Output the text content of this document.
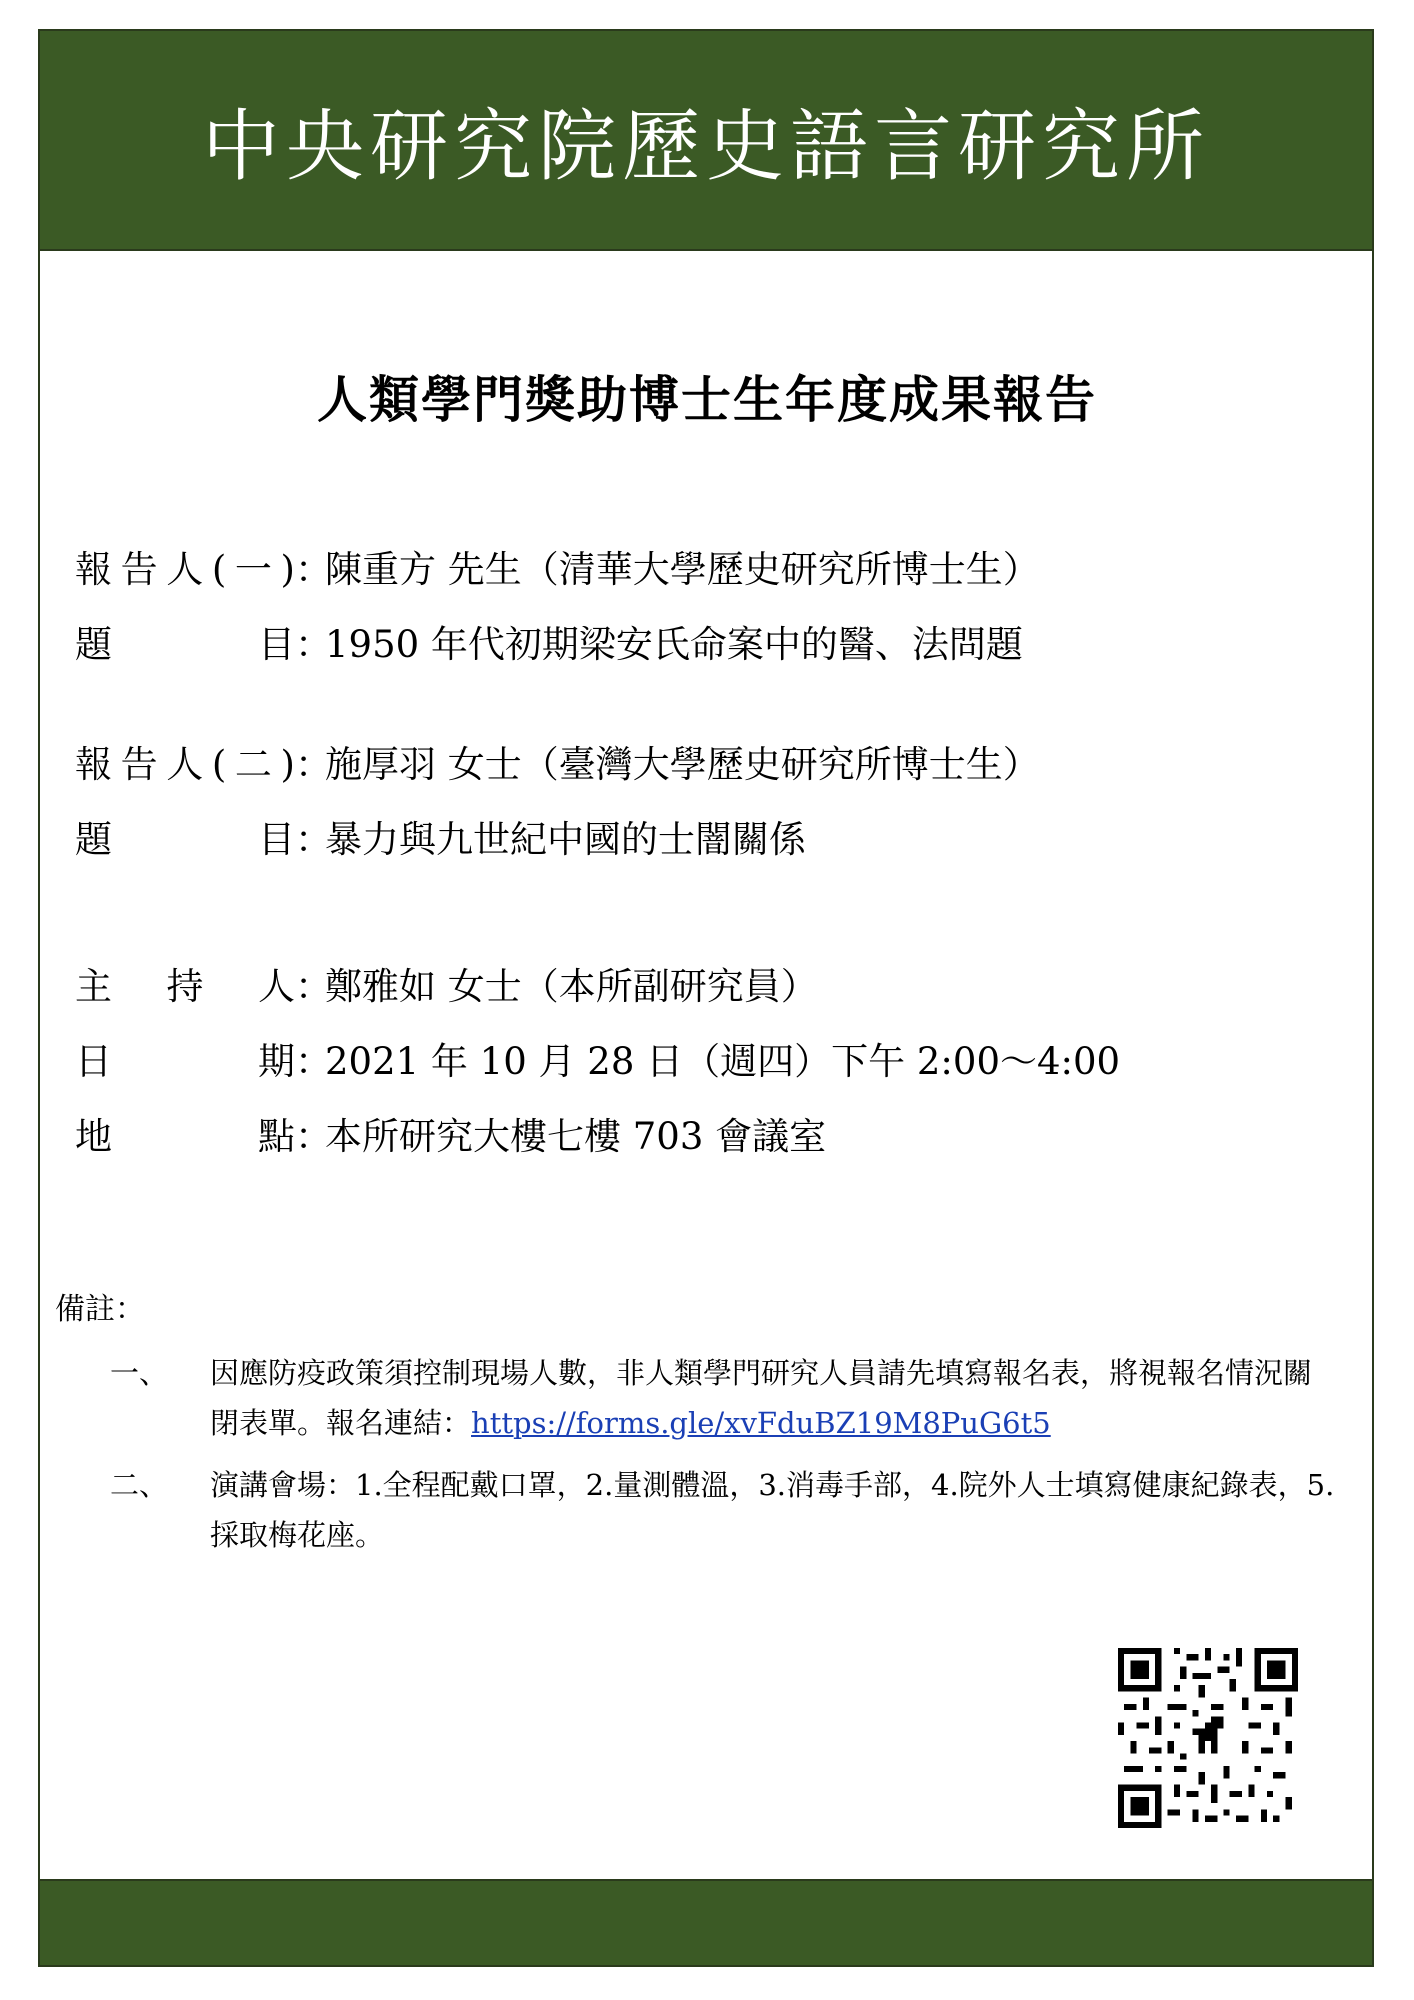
中央研究院歷史語言研究所
人類學門獎助博士生年度成果報告
報告人(一) ：
陳重方 先生（清華大學歷史研究所博士生）
題目 ：
1950 年代初期梁安氏命案中的醫、法問題
報告人(二) ：
施厚羽 女士（臺灣大學歷史研究所博士生）
題目 ：
暴力與九世紀中國的士闇關係
主持人 ：
鄭雅如 女士（本所副研究員）
日期 ：
2021 年 10 月 28 日（週四）下午 2:00～4:00
地點 ：
本所研究大樓七樓 703 會議室
備註：
一、	因應防疫政策須控制現場人數，非人類學門研究人員請先填寫報名表，將視報名情況關閉表單。報名連結：https://forms.gle/xvFduBZ19M8PuG6t5
二、	演講會場：1.全程配戴口罩，2.量測體溫，3.消毒手部，4.院外人士填寫健康紀錄表，5.採取梅花座。
